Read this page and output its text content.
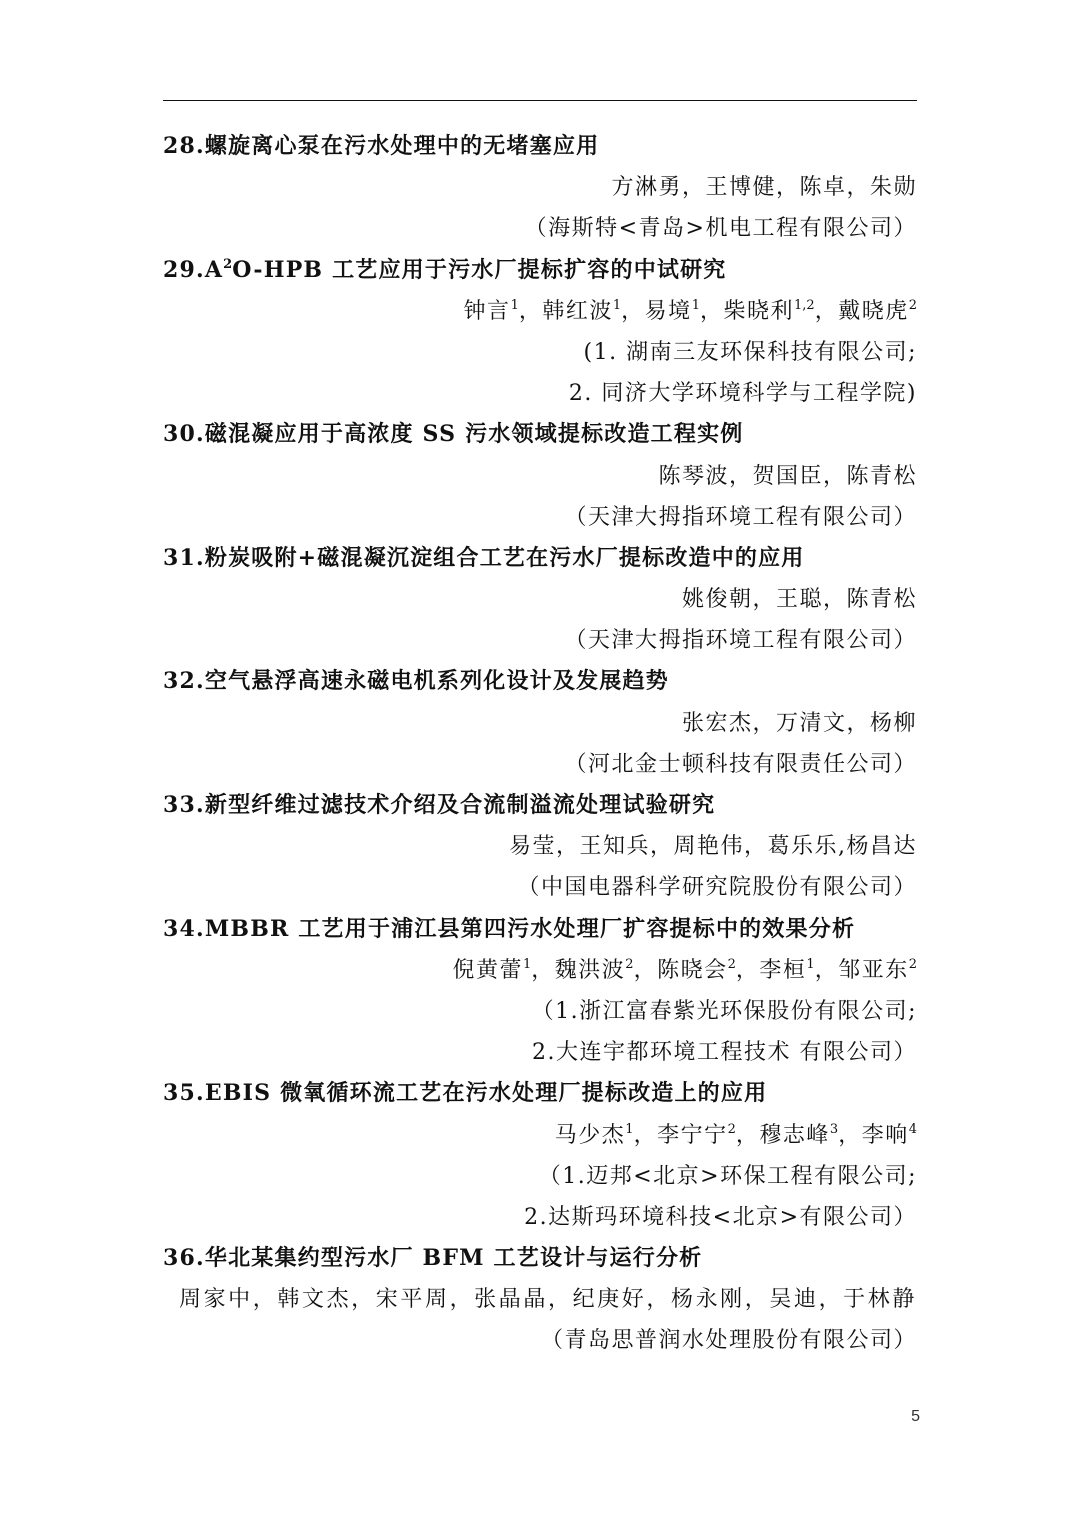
28.螺旋离心泵在污水处理中的无堵塞应用
方淋勇，王博健，陈卓，朱勋
（海斯特<青岛>机电工程有限公司）
$29.A^2O$-HPB 工艺应用于污水厂提标扩容的中试研究
钟言$^1$，韩红波$^1$，易境$^1$，柴晓利$^{1,2}$，戴晓虎$^2$
(1. 湖南三友环保科技有限公司;
2. 同济大学环境科学与工程学院)
30.磁混凝应用于高浓度 SS 污水领域提标改造工程实例
陈琴波，贺国臣，陈青松
（天津大拇指环境工程有限公司）
31.粉炭吸附+磁混凝沉淀组合工艺在污水厂提标改造中的应用
姚俊朝，王聪，陈青松
（天津大拇指环境工程有限公司）
32.空气悬浮高速永磁电机系列化设计及发展趋势
张宏杰，万清文，杨柳
（河北金士顿科技有限责任公司）
33.新型纤维过滤技术介绍及合流制溢流处理试验研究
易莹，王知兵，周艳伟，葛乐乐,杨昌达
（中国电器科学研究院股份有限公司）
34.MBBR 工艺用于浦江县第四污水处理厂扩容提标中的效果分析
倪黄蕾$^1$，魏洪波$^2$，陈晓会$^2$，李桓$^1$，邹亚东$^2$
（1.浙江富春紫光环保股份有限公司;
2.大连宇都环境工程技术 有限公司）
35.EBIS 微氧循环流工艺在污水处理厂提标改造上的应用
马少杰$^1$，李宁宁$^2$，穆志峰$^3$，李响$^4$
（1.迈邦<北京>环保工程有限公司;
2.达斯玛环境科技<北京>有限公司）
36.华北某集约型污水厂 BFM 工艺设计与运行分析
周家中，韩文杰，宋平周，张晶晶，纪庚好，杨永刚，吴迪，于林静
（青岛思普润水处理股份有限公司）
5
